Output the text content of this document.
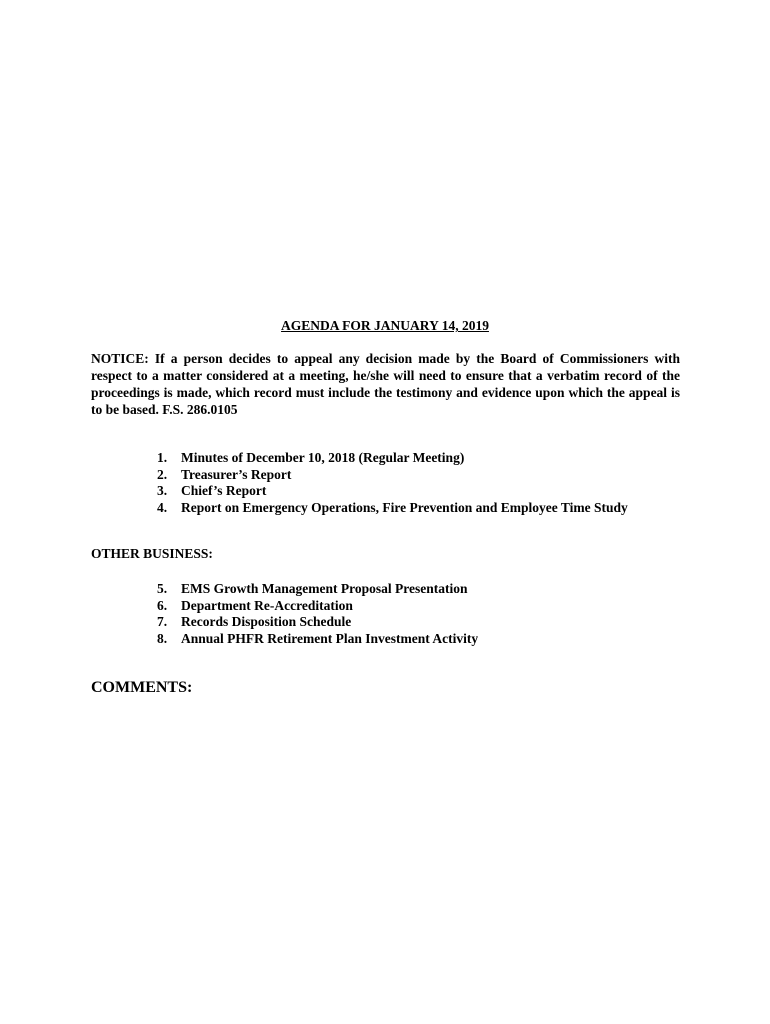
AGENDA FOR JANUARY 14, 2019

NOTICE: If a person decides to appeal any decision made by the Board of Commissioners with respect to a matter considered at a meeting, he/she will need to ensure that a verbatim record of the proceedings is made, which record must include the testimony and evidence upon which the appeal is to be based. F.S. 286.0105

1. Minutes of December 10, 2018 (Regular Meeting)
2. Treasurer’s Report
3. Chief’s Report
4. Report on Emergency Operations, Fire Prevention and Employee Time Study
OTHER BUSINESS:
5. EMS Growth Management Proposal Presentation
6. Department Re-Accreditation
7. Records Disposition Schedule
8. Annual PHFR Retirement Plan Investment Activity
COMMENTS:
